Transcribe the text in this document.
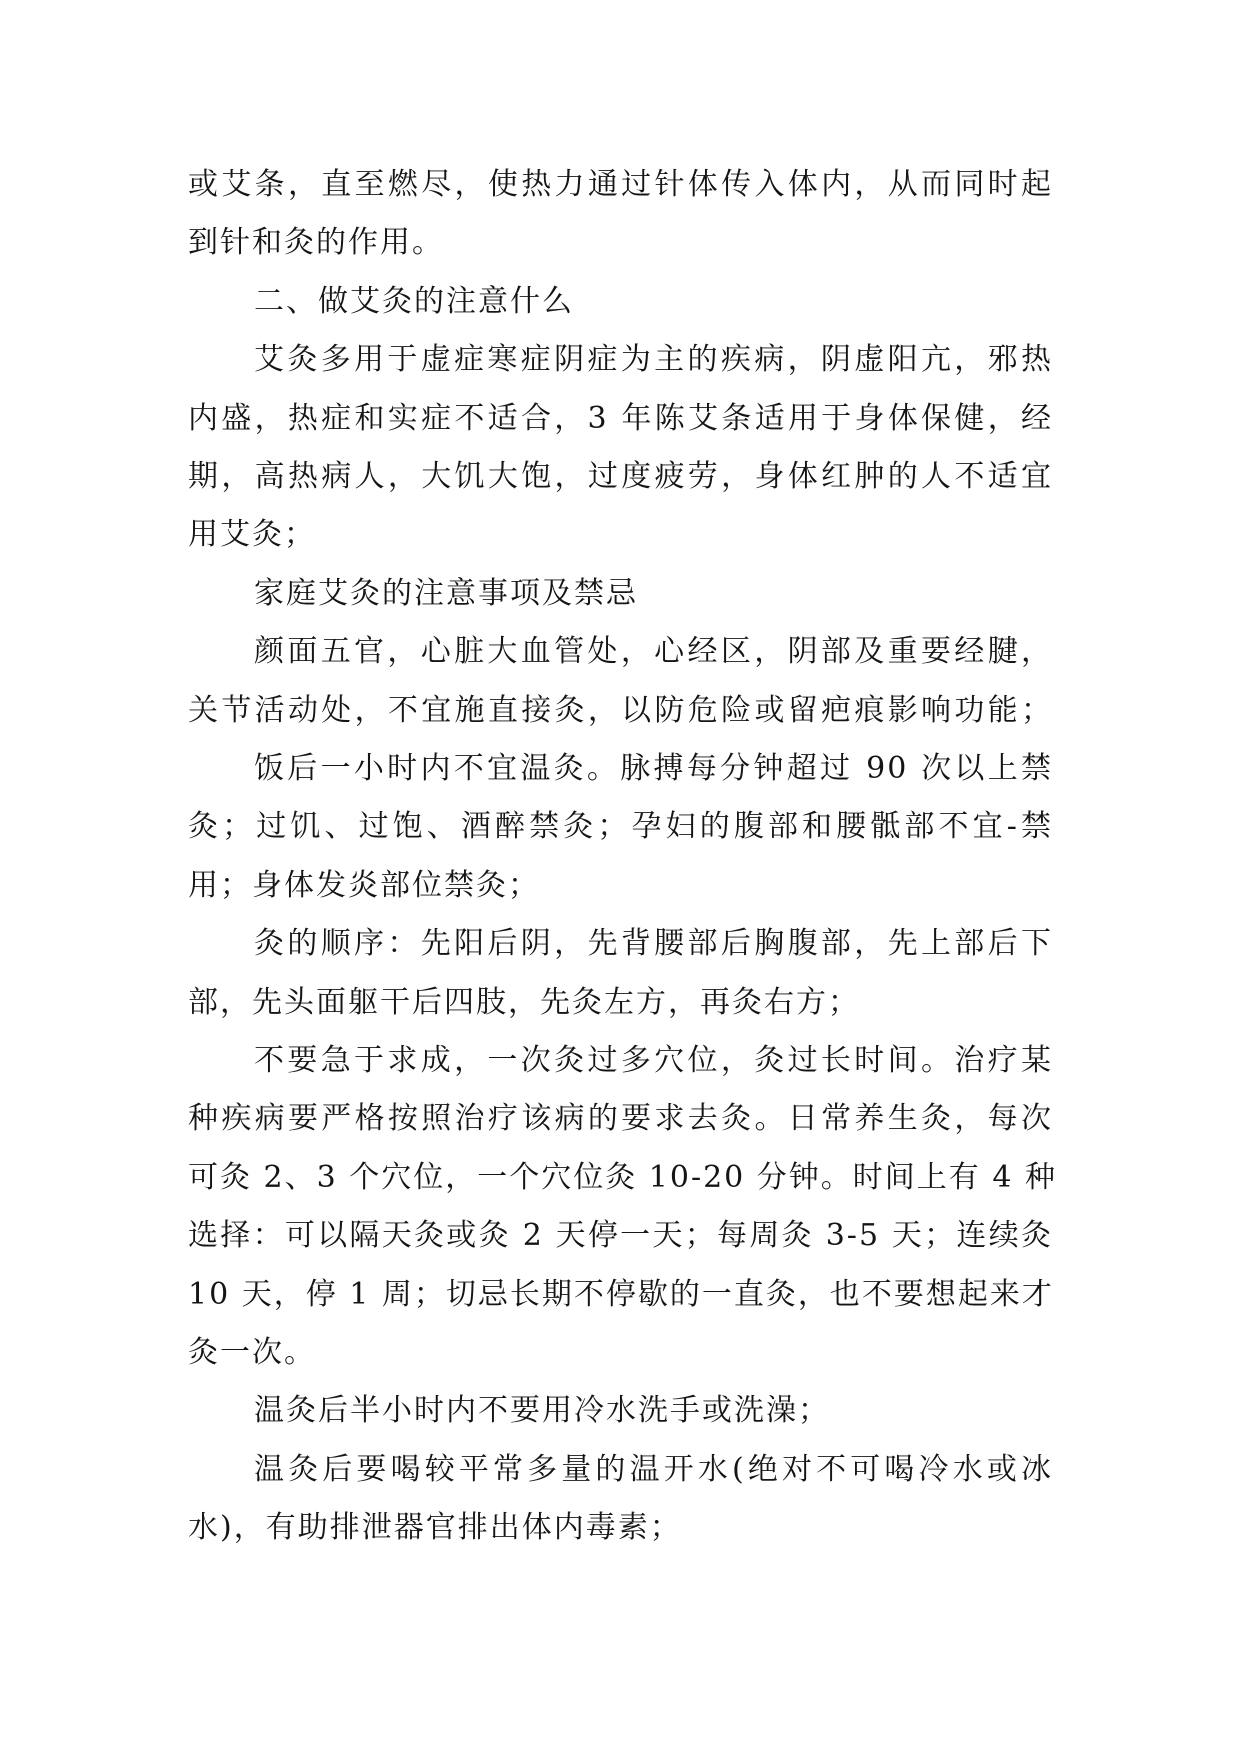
或艾条，直至燃尽，使热力通过针体传入体内，从而同时起
到针和灸的作用。
二、做艾灸的注意什么
艾灸多用于虚症寒症阴症为主的疾病，阴虚阳亢，邪热
内盛，热症和实症不适合，3 年陈艾条适用于身体保健，经
期，高热病人，大饥大饱，过度疲劳，身体红肿的人不适宜
用艾灸；
家庭艾灸的注意事项及禁忌
颜面五官，心脏大血管处，心经区，阴部及重要经腱，
关节活动处，不宜施直接灸，以防危险或留疤痕影响功能；
饭后一小时内不宜温灸。脉搏每分钟超过 90 次以上禁
灸；过饥、过饱、酒醉禁灸；孕妇的腹部和腰骶部不宜-禁
用；身体发炎部位禁灸；
灸的顺序：先阳后阴，先背腰部后胸腹部，先上部后下
部，先头面躯干后四肢，先灸左方，再灸右方；
不要急于求成，一次灸过多穴位，灸过长时间。治疗某
种疾病要严格按照治疗该病的要求去灸。日常养生灸，每次
可灸 2、3 个穴位，一个穴位灸 10-20 分钟。时间上有 4 种
选择：可以隔天灸或灸 2 天停一天；每周灸 3-5 天；连续灸
10 天，停 1 周；切忌长期不停歇的一直灸，也不要想起来才
灸一次。
温灸后半小时内不要用冷水洗手或洗澡；
温灸后要喝较平常多量的温开水(绝对不可喝冷水或冰
水)，有助排泄器官排出体内毒素；
